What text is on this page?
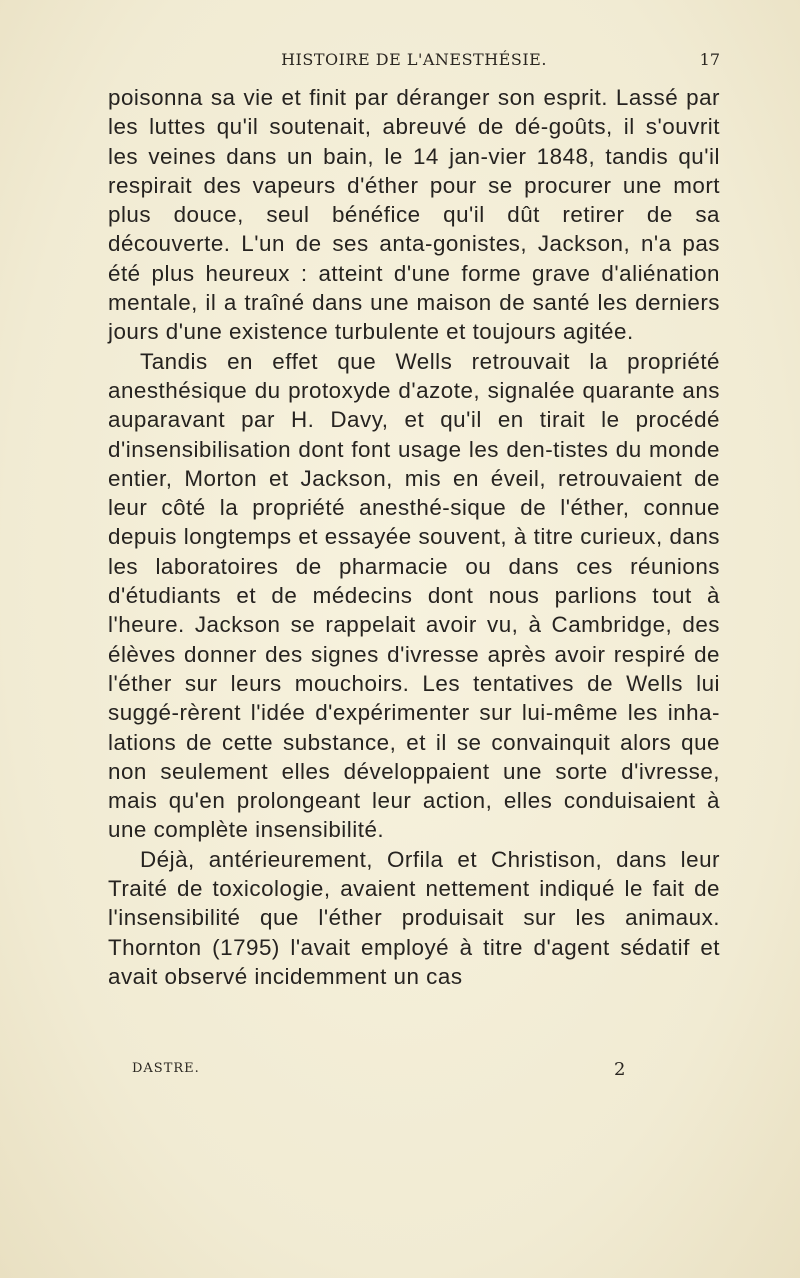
HISTOIRE DE L'ANESTHÉSIE.	17

poisonna sa vie et finit par déranger son esprit. Lassé par les luttes qu'il soutenait, abreuvé de dé-goûts, il s'ouvrit les veines dans un bain, le 14 jan-vier 1848, tandis qu'il respirait des vapeurs d'éther pour se procurer une mort plus douce, seul bénéfice qu'il dût retirer de sa découverte. L'un de ses anta-gonistes, Jackson, n'a pas été plus heureux : atteint d'une forme grave d'aliénation mentale, il a traîné dans une maison de santé les derniers jours d'une existence turbulente et toujours agitée.

Tandis en effet que Wells retrouvait la propriété anesthésique du protoxyde d'azote, signalée quarante ans auparavant par H. Davy, et qu'il en tirait le procédé d'insensibilisation dont font usage les den-tistes du monde entier, Morton et Jackson, mis en éveil, retrouvaient de leur côté la propriété anesthé-sique de l'éther, connue depuis longtemps et essayée souvent, à titre curieux, dans les laboratoires de pharmacie ou dans ces réunions d'étudiants et de médecins dont nous parlions tout à l'heure. Jackson se rappelait avoir vu, à Cambridge, des élèves donner des signes d'ivresse après avoir respiré de l'éther sur leurs mouchoirs. Les tentatives de Wells lui suggé-rèrent l'idée d'expérimenter sur lui-même les inha-lations de cette substance, et il se convainquit alors que non seulement elles développaient une sorte d'ivresse, mais qu'en prolongeant leur action, elles conduisaient à une complète insensibilité.

Déjà, antérieurement, Orfila et Christison, dans leur Traité de toxicologie, avaient nettement indiqué le fait de l'insensibilité que l'éther produisait sur les animaux. Thornton (1795) l'avait employé à titre d'agent sédatif et avait observé incidemment un cas

DASTRE.	2
